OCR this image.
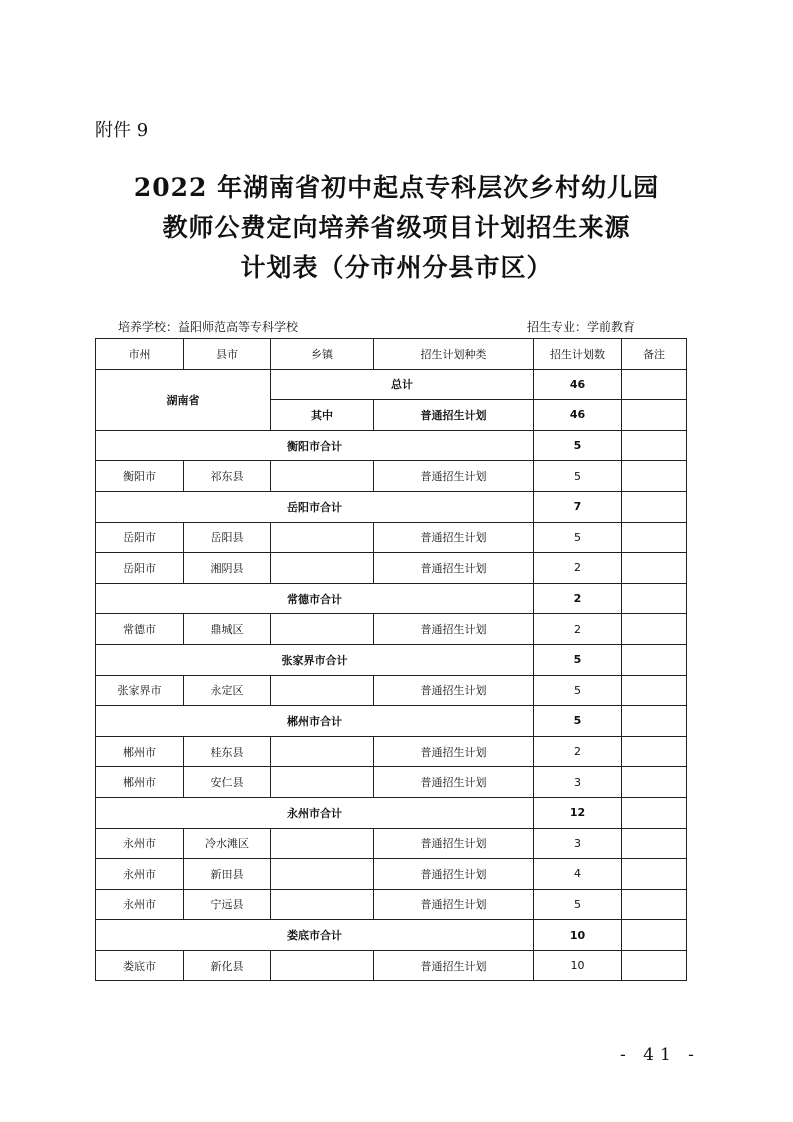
附件 9
2022 年湖南省初中起点专科层次乡村幼儿园
教师公费定向培养省级项目计划招生来源
计划表（分市州分县市区）
培养学校：益阳师范高等专科学校	招生专业：学前教育
市州	县市	乡镇	招生计划种类	招生计划数	备注
湖南省		总计		46	
		其中	普通招生计划	46	
衡阳市合计				5	
衡阳市	祁东县		普通招生计划	5	
岳阳市合计				7	
岳阳市	岳阳县		普通招生计划	5	
岳阳市	湘阴县		普通招生计划	2	
常德市合计				2	
常德市	鼎城区		普通招生计划	2	
张家界市合计				5	
张家界市	永定区		普通招生计划	5	
郴州市合计				5	
郴州市	桂东县		普通招生计划	2	
郴州市	安仁县		普通招生计划	3	
永州市合计				12	
永州市	冷水滩区		普通招生计划	3	
永州市	新田县		普通招生计划	4	
永州市	宁远县		普通招生计划	5	
娄底市合计				10	
娄底市	新化县		普通招生计划	10	
- 41 -
